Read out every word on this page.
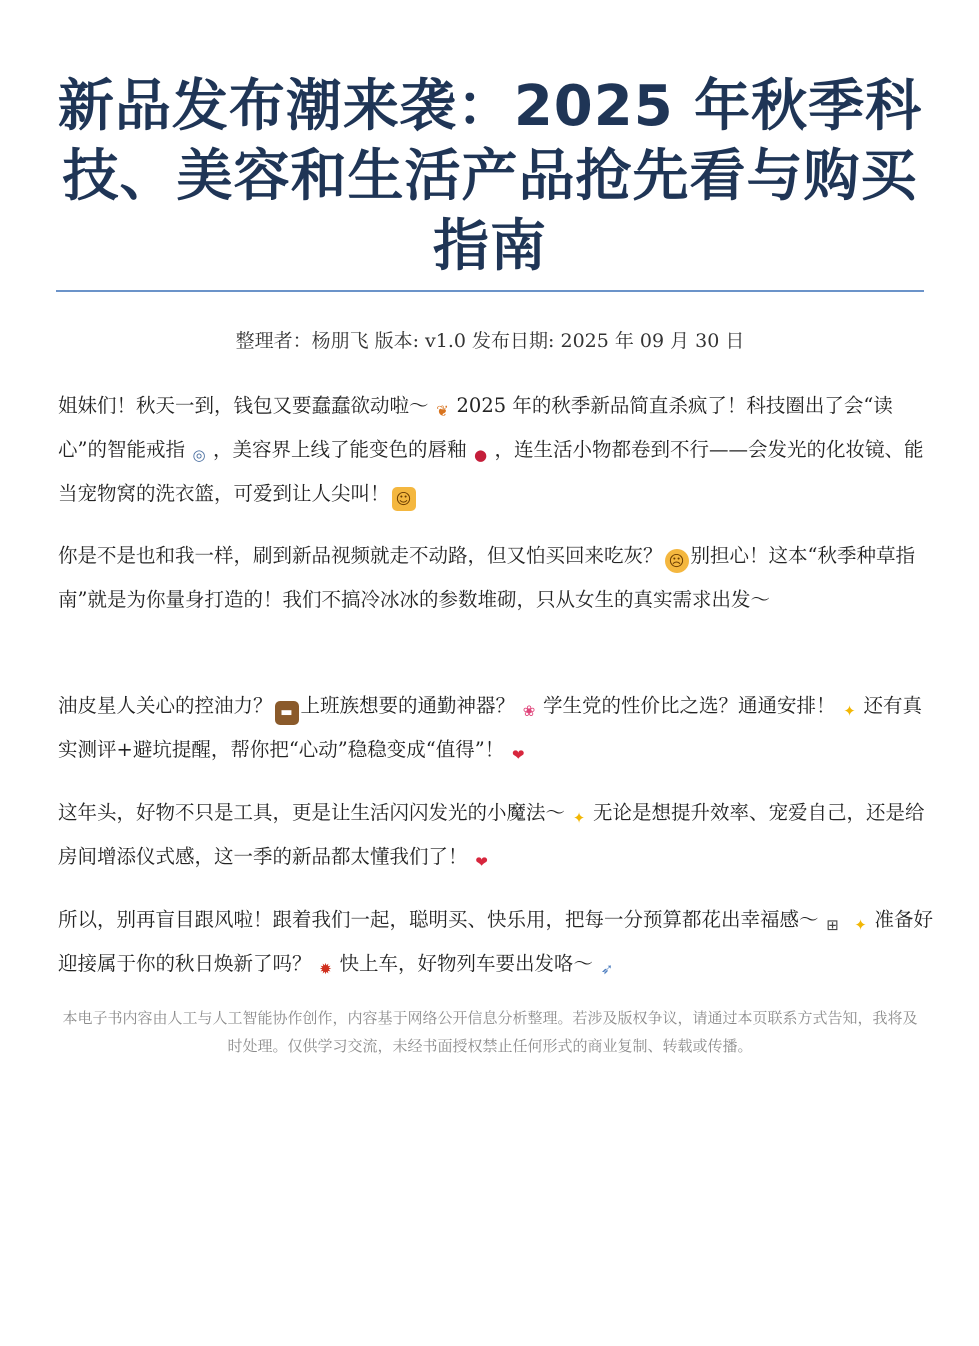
新品发布潮来袭：2025 年秋季科技、美容和生活产品抢先看与购买指南
整理者：杨朋飞 版本: v1.0 发布日期: 2025 年 09 月 30 日

姐妹们！秋天一到，钱包又要蠢蠢欲动啦～ ❦ 2025 年的秋季新品简直杀疯了！科技圈出了会“读心”的智能戒指 ◎ ，美容界上线了能变色的唇釉 ● ，连生活小物都卷到不行——会发光的化妆镜、能当宠物窝的洗衣篮，可爱到让人尖叫！ ☺

你是不是也和我一样，刷到新品视频就走不动路，但又怕买回来吃灰？ ☹ 别担心！这本“秋季种草指南”就是为你量身打造的！我们不搞冷冰冰的参数堆砌，只从女生的真实需求出发～

油皮星人关心的控油力？ ▬ 上班族想要的通勤神器？ ❀ 学生党的性价比之选？通通安排！ ✦ 还有真实测评+避坑提醒，帮你把“心动”稳稳变成“值得”！ ❤

这年头，好物不只是工具，更是让生活闪闪发光的小魔法～ ✦ 无论是想提升效率、宠爱自己，还是给房间增添仪式感，这一季的新品都太懂我们了！ ❤

所以，别再盲目跟风啦！跟着我们一起，聪明买、快乐用，把每一分预算都花出幸福感～ ⊞ ✦ 准备好迎接属于你的秋日焕新了吗？ ✹ 快上车，好物列车要出发咯～ ➶

本电子书内容由人工与人工智能协作创作，内容基于网络公开信息分析整理。若涉及版权争议，请通过本页联系方式告知，我将及时处理。仅供学习交流，未经书面授权禁止任何形式的商业复制、转载或传播。
